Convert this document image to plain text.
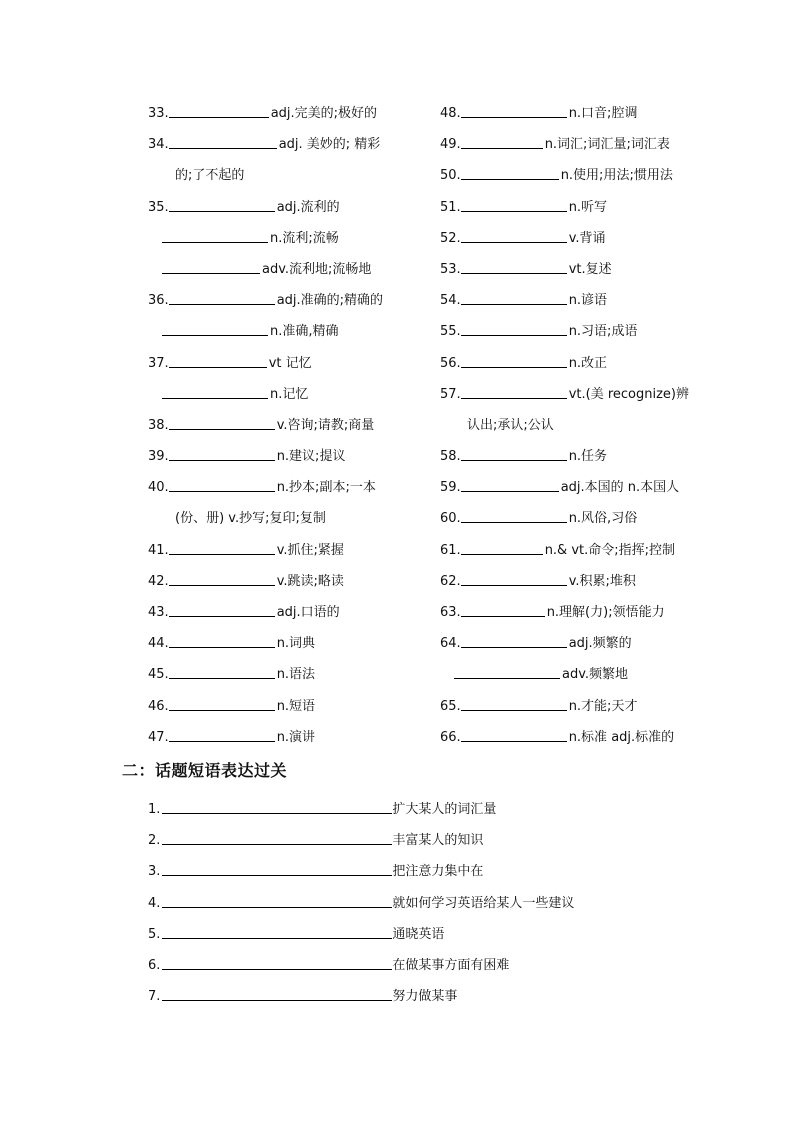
33.	adj.完美的;极好的
34.	adj. 美妙的; 精彩
的;了不起的
35.	adj.流利的
n.流利;流畅
adv.流利地;流畅地
36.	adj.准确的;精确的
n.准确,精确
37.	vt 记忆
n.记忆
38.	v.咨询;请教;商量
39.	n.建议;提议
40.	n.抄本;副本;一本
(份、册) v.抄写;复印;复制
41.	v.抓住;紧握
42.	v.跳读;略读
43.	adj.口语的
44.	n.词典
45.	n.语法
46.	n.短语
47.	n.演讲
48.	n.口音;腔调
49.	n.词汇;词汇量;词汇表
50.	n.使用;用法;惯用法
51.	n.听写
52.	v.背诵
53.	vt.复述
54.	n.谚语
55.	n.习语;成语
56.	n.改正
57.	vt.(美 recognize)辨
认出;承认;公认
58.	n.任务
59.	adj.本国的 n.本国人
60.	n.风俗,习俗
61.	n.& vt.命令;指挥;控制
62.	v.积累;堆积
63.	n.理解(力);领悟能力
64.	adj.频繁的
adv.频繁地
65.	n.才能;天才
66.	n.标准 adj.标准的
二：话题短语表达过关
1.	扩大某人的词汇量
2.	丰富某人的知识
3.	把注意力集中在
4.	就如何学习英语给某人一些建议
5.	通晓英语
6.	在做某事方面有困难
7.	努力做某事
